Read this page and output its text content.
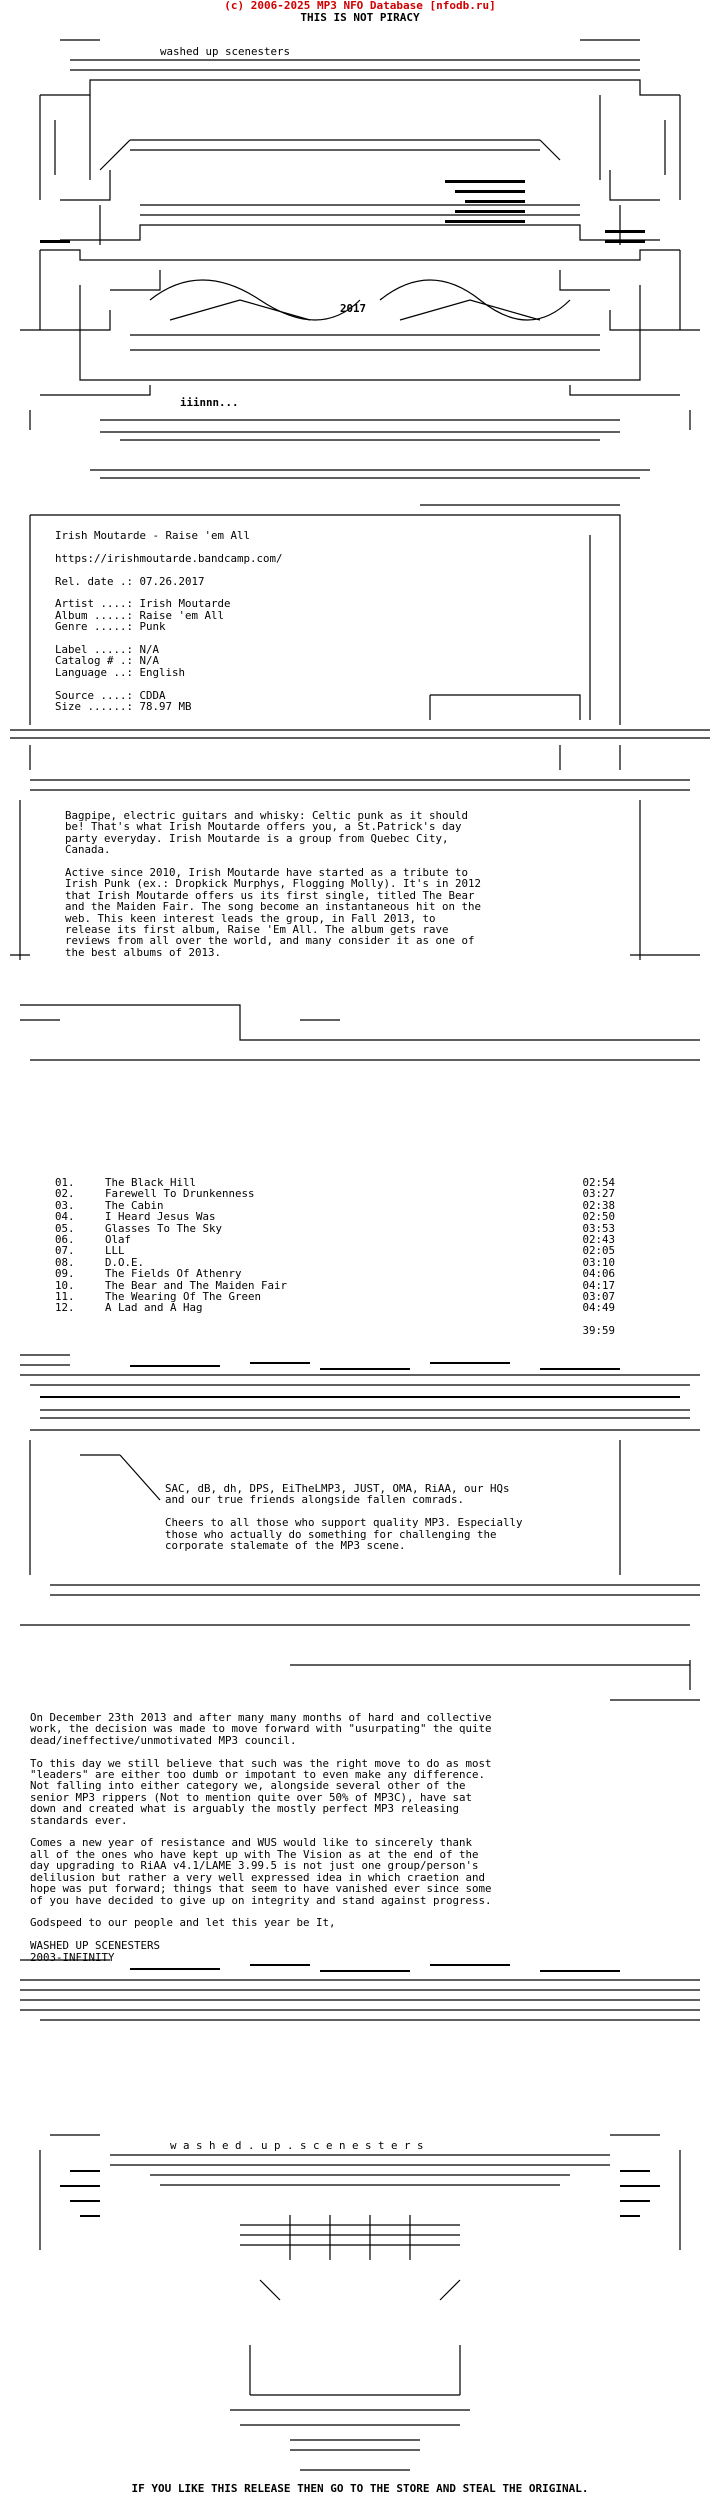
(c) 2006-2025 MP3 NFO Database [nfodb.ru]
THIS IS NOT PIRACY
washed up scenesters
2017
iiinnn...
Irish Moutarde - Raise 'em All

https://irishmoutarde.bandcamp.com/

Rel. date .: 07.26.2017

Artist ....: Irish Moutarde
Album .....: Raise 'em All
Genre .....: Punk

Label .....: N/A
Catalog # .: N/A
Language ..: English

Source ....: CDDA
Size ......: 78.97 MB
Bagpipe, electric guitars and whisky: Celtic punk as it should
be! That's what Irish Moutarde offers you, a St.Patrick's day
party everyday. Irish Moutarde is a group from Quebec City,
Canada.

Active since 2010, Irish Moutarde have started as a tribute to
Irish Punk (ex.: Dropkick Murphys, Flogging Molly). It's in 2012
that Irish Moutarde offers us its first single, titled The Bear
and the Maiden Fair. The song become an instantaneous hit on the
web. This keen interest leads the group, in Fall 2013, to
release its first album, Raise 'Em All. The album gets rave
reviews from all over the world, and many consider it as one of
the best albums of 2013.
01.	The Black Hill	02:54
02.	Farewell To Drunkenness	03:27
03.	The Cabin	02:38
04.	I Heard Jesus Was	02:50
05.	Glasses To The Sky	03:53
06.	Olaf	02:43
07.	LLL	02:05
08.	D.O.E.	03:10
09.	The Fields Of Athenry	04:06
10.	The Bear and The Maiden Fair	04:17
11.	The Wearing Of The Green	03:07
12.	A Lad and A Hag	04:49

39:59
SAC, dB, dh, DPS, EiTheLMP3, JUST, OMA, RiAA, our HQs
and our true friends alongside fallen comrads.

Cheers to all those who support quality MP3. Especially
those who actually do something for challenging the
corporate stalemate of the MP3 scene.
On December 23th 2013 and after many many months of hard and collective
work, the decision was made to move forward with "usurpating" the quite
dead/ineffective/unmotivated MP3 council.

To this day we still believe that such was the right move to do as most
"leaders" are either too dumb or impotant to even make any difference.
Not falling into either category we, alongside several other of the
senior MP3 rippers (Not to mention quite over 50% of MP3C), have sat
down and created what is arguably the mostly perfect MP3 releasing
standards ever.

Comes a new year of resistance and WUS would like to sincerely thank
all of the ones who have kept up with The Vision as at the end of the
day upgrading to RiAA v4.1/LAME 3.99.5 is not just one group/person's
delilusion but rather a very well expressed idea in which craetion and
hope was put forward; things that seem to have vanished ever since some
of you have decided to give up on integrity and stand against progress.

Godspeed to our people and let this year be It,

WASHED UP SCENESTERS
2003-INFINITY
w a s h e d . u p . s c e n e s t e r s
IF YOU LIKE THIS RELEASE THEN GO TO THE STORE AND STEAL THE ORIGINAL.
